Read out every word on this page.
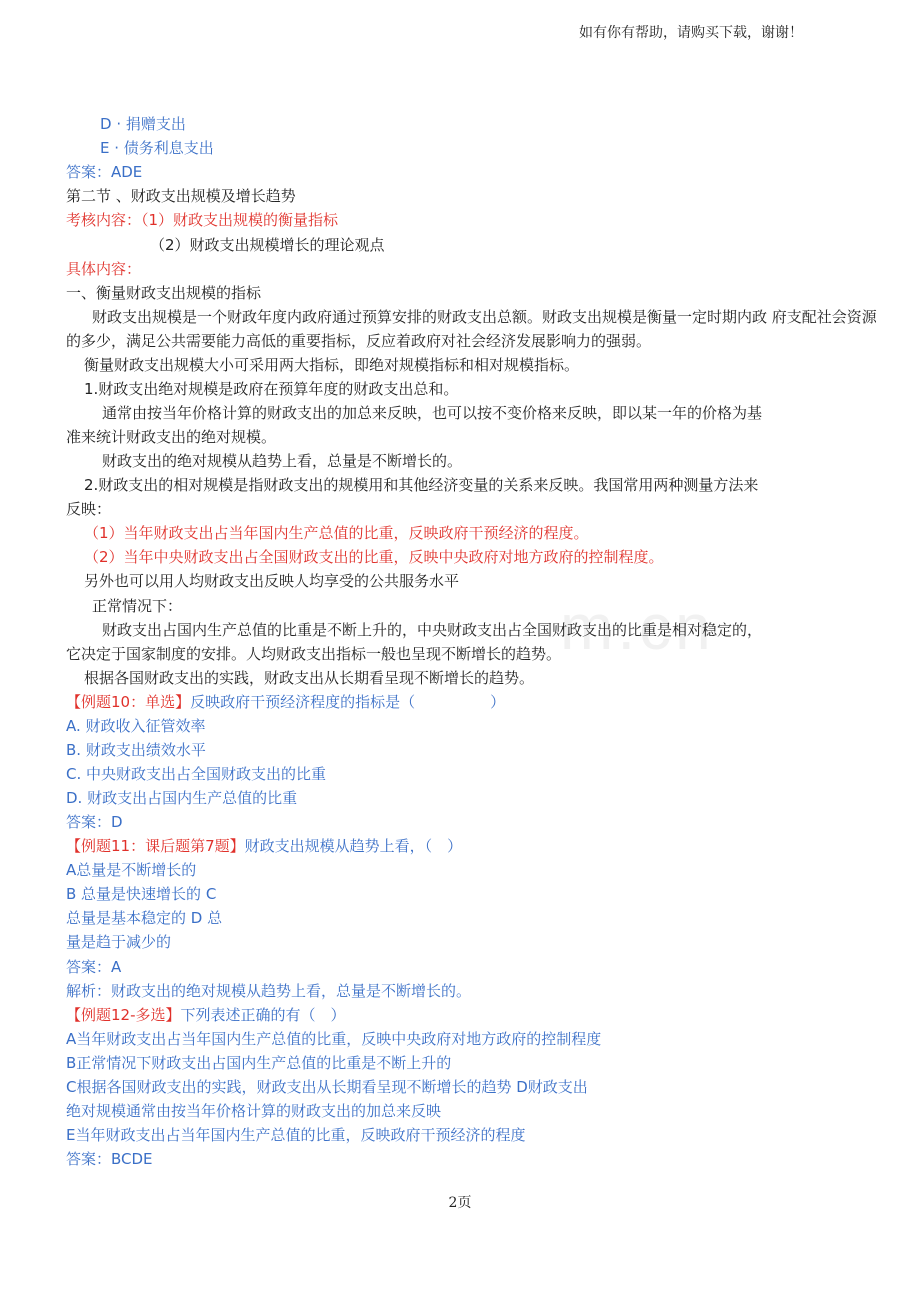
m.cn
如有你有帮助，请购买下载，谢谢！
D · 捐赠支出
E · 债务利息支出
答案：ADE
第二节 、财政支出规模及增长趋势
考核内容：（1）财政支出规模的衡量指标
（2）财政支出规模增长的理论观点
具体内容：
一、衡量财政支出规模的指标
财政支出规模是一个财政年度内政府通过预算安排的财政支出总额。财政支出规模是衡量一定时期内政 府支配社会资源
的多少，满足公共需要能力高低的重要指标，反应着政府对社会经济发展影响力的强弱。
衡量财政支出规模大小可采用两大指标，即绝对规模指标和相对规模指标。
1.财政支出绝对规模是政府在预算年度的财政支出总和。
通常由按当年价格计算的财政支出的加总来反映，也可以按不变价格来反映，即以某一年的价格为基
准来统计财政支出的绝对规模。
财政支出的绝对规模从趋势上看，总量是不断增长的。
2.财政支出的相对规模是指财政支出的规模用和其他经济变量的关系来反映。我国常用两种测量方法来
反映：
（1）当年财政支出占当年国内生产总值的比重，反映政府干预经济的程度。
（2）当年中央财政支出占全国财政支出的比重，反映中央政府对地方政府的控制程度。
另外也可以用人均财政支出反映人均享受的公共服务水平
正常情况下：
财政支出占国内生产总值的比重是不断上升的，中央财政支出占全国财政支出的比重是相对稳定的，
它决定于国家制度的安排。人均财政支出指标一般也呈现不断增长的趋势。
根据各国财政支出的实践，财政支出从长期看呈现不断增长的趋势。
【例题10：单选】反映政府干预经济程度的指标是（　　　　　）
A. 财政收入征管效率
B. 财政支出绩效水平
C. 中央财政支出占全国财政支出的比重
D. 财政支出占国内生产总值的比重
答案：D
【例题11：课后题第7题】财政支出规模从趋势上看，（　）
A总量是不断增长的
B 总量是快速增长的 C
总量是基本稳定的 D 总
量是趋于减少的
答案：A
解析：财政支出的绝对规模从趋势上看，总量是不断增长的。
【例题12-多选】下列表述正确的有（　）
A当年财政支出占当年国内生产总值的比重，反映中央政府对地方政府的控制程度
B正常情况下财政支出占国内生产总值的比重是不断上升的
C根据各国财政支出的实践，财政支出从长期看呈现不断增长的趋势 D财政支出
绝对规模通常由按当年价格计算的财政支出的加总来反映
E当年财政支出占当年国内生产总值的比重，反映政府干预经济的程度
答案：BCDE
2页
